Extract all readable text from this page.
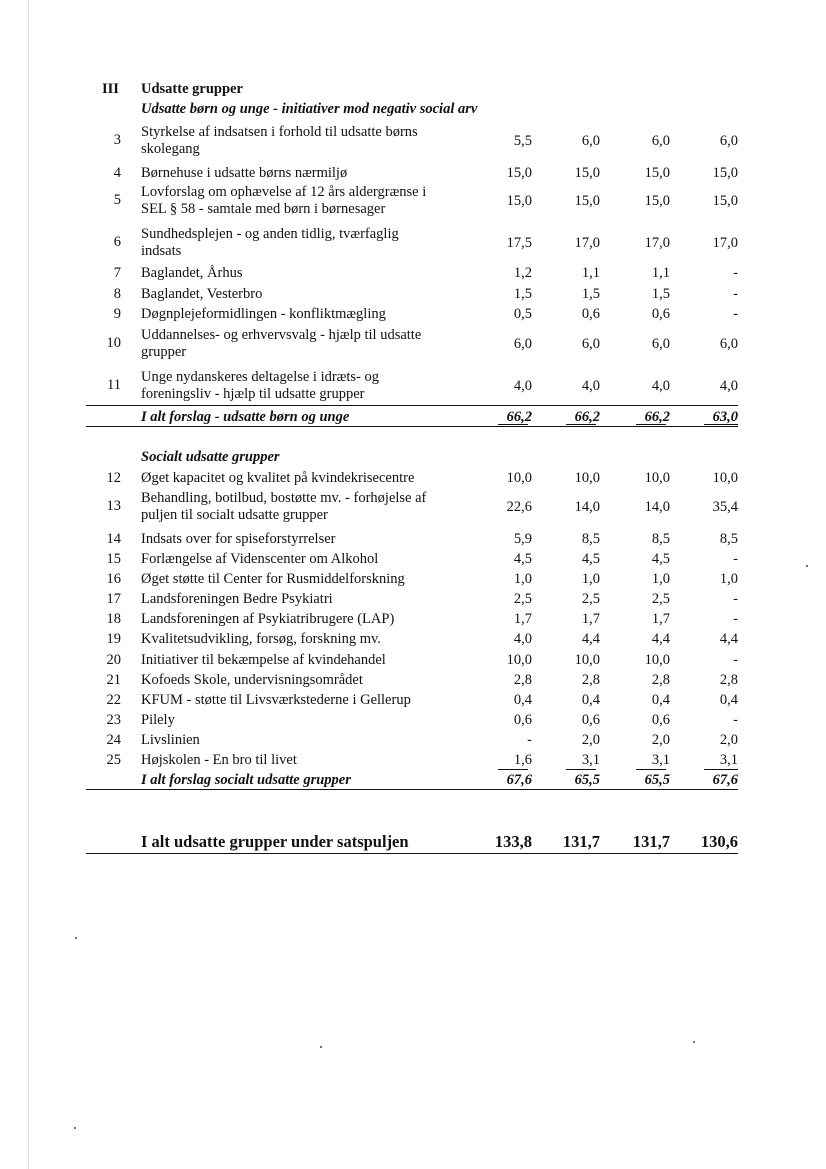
III Udsatte grupper
Udsatte børn og unge - initiativer mod negativ social arv
3 Styrkelse af indsatsen i forhold til udsatte børns
skolegang	5,5	6,0	6,0	6,0
4 Børnehuse i udsatte børns nærmiljø	15,0	15,0	15,0	15,0
5 Lovforslag om ophævelse af 12 års aldergrænse i
SEL § 58 - samtale med børn i børnesager	15,0	15,0	15,0	15,0
6 Sundhedsplejen - og anden tidlig, tværfaglig
indsats	17,5	17,0	17,0	17,0
7 Baglandet, Århus	1,2	1,1	1,1	-
8 Baglandet, Vesterbro	1,5	1,5	1,5	-
9 Døgnplejeformidlingen - konfliktmægling	0,5	0,6	0,6	-
10 Uddannelses- og erhvervsvalg - hjælp til udsatte
grupper	6,0	6,0	6,0	6,0
11 Unge nydanskeres deltagelse i idræts- og
foreningsliv - hjælp til udsatte grupper	4,0	4,0	4,0	4,0
I alt forslag - udsatte børn og unge	66,2	66,2	66,2	63,0
Socialt udsatte grupper
12 Øget kapacitet og kvalitet på kvindekrisecentre	10,0	10,0	10,0	10,0
13 Behandling, botilbud, bostøtte mv. - forhøjelse af
puljen til socialt udsatte grupper	22,6	14,0	14,0	35,4
14 Indsats over for spiseforstyrrelser	5,9	8,5	8,5	8,5
15 Forlængelse af Videnscenter om Alkohol	4,5	4,5	4,5	-
16 Øget støtte til Center for Rusmiddelforskning	1,0	1,0	1,0	1,0
17 Landsforeningen Bedre Psykiatri	2,5	2,5	2,5	-
18 Landsforeningen af Psykiatribrugere (LAP)	1,7	1,7	1,7	-
19 Kvalitetsudvikling, forsøg, forskning mv.	4,0	4,4	4,4	4,4
20 Initiativer til bekæmpelse af kvindehandel	10,0	10,0	10,0	-
21 Kofoeds Skole, undervisningsområdet	2,8	2,8	2,8	2,8
22 KFUM - støtte til Livsværkstederne i Gellerup	0,4	0,4	0,4	0,4
23 Pilely	0,6	0,6	0,6	-
24 Livslinien	-	2,0	2,0	2,0
25 Højskolen - En bro til livet	1,6	3,1	3,1	3,1
I alt forslag socialt udsatte grupper	67,6	65,5	65,5	67,6
I alt udsatte grupper under satspuljen	133,8	131,7	131,7	130,6
